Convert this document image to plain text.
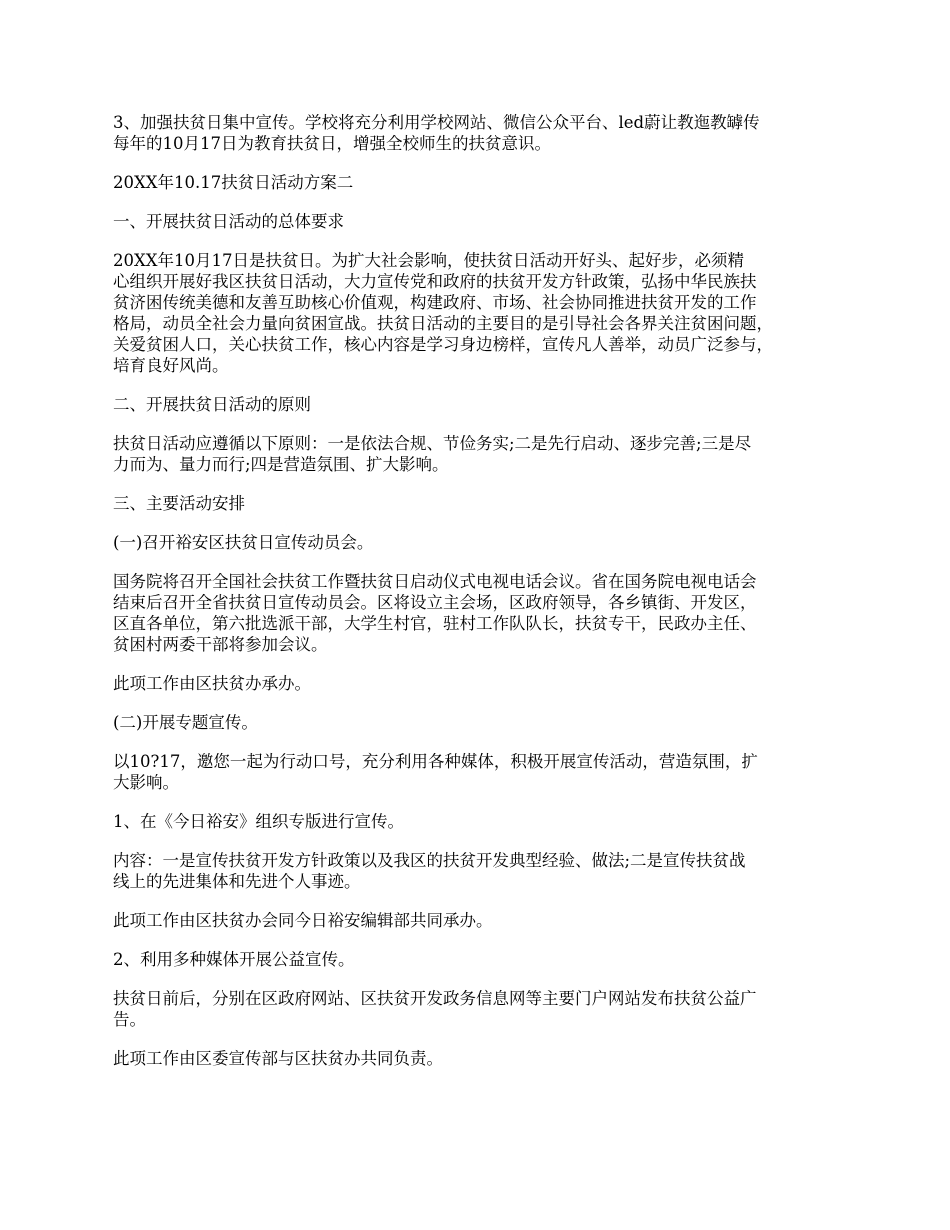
3、加强扶贫日集中宣传。学校将充分利用学校网站、微信公众平台、led蔚让教迤教罅传
每年的10月17日为教育扶贫日，增强全校师生的扶贫意识。

20XX年10.17扶贫日活动方案二

一、开展扶贫日活动的总体要求

20XX年10月17日是扶贫日。为扩大社会影响，使扶贫日活动开好头、起好步，必须精
心组织开展好我区扶贫日活动，大力宣传党和政府的扶贫开发方针政策，弘扬中华民族扶
贫济困传统美德和友善互助核心价值观，构建政府、市场、社会协同推进扶贫开发的工作
格局，动员全社会力量向贫困宣战。扶贫日活动的主要目的是引导社会各界关注贫困问题，
关爱贫困人口，关心扶贫工作，核心内容是学习身边榜样，宣传凡人善举，动员广泛参与，
培育良好风尚。

二、开展扶贫日活动的原则

扶贫日活动应遵循以下原则：一是依法合规、节俭务实;二是先行启动、逐步完善;三是尽
力而为、量力而行;四是营造氛围、扩大影响。

三、主要活动安排

(一)召开裕安区扶贫日宣传动员会。

国务院将召开全国社会扶贫工作暨扶贫日启动仪式电视电话会议。省在国务院电视电话会
结束后召开全省扶贫日宣传动员会。区将设立主会场，区政府领导，各乡镇街、开发区，
区直各单位，第六批选派干部，大学生村官，驻村工作队队长，扶贫专干，民政办主任、
贫困村两委干部将参加会议。

此项工作由区扶贫办承办。

(二)开展专题宣传。

以10?17，邀您一起为行动口号，充分利用各种媒体，积极开展宣传活动，营造氛围，扩
大影响。

1、在《今日裕安》组织专版进行宣传。

内容：一是宣传扶贫开发方针政策以及我区的扶贫开发典型经验、做法;二是宣传扶贫战
线上的先进集体和先进个人事迹。

此项工作由区扶贫办会同今日裕安编辑部共同承办。

2、利用多种媒体开展公益宣传。

扶贫日前后，分别在区政府网站、区扶贫开发政务信息网等主要门户网站发布扶贫公益广
告。

此项工作由区委宣传部与区扶贫办共同负责。
